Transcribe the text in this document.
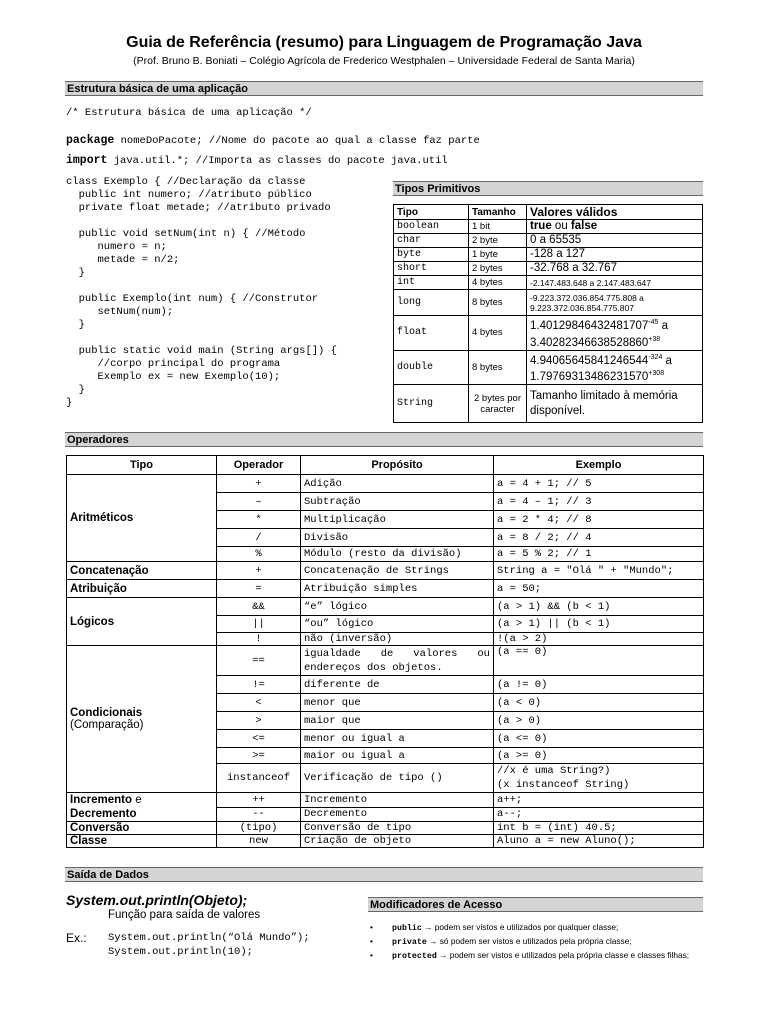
Guia de Referência (resumo) para Linguagem de Programação Java
(Prof. Bruno B. Boniati – Colégio Agrícola de Frederico Westphalen – Universidade Federal de Santa Maria)
Estrutura básica de uma aplicação
/* Estrutura básica de uma aplicação */
package nomeDoPacote; //Nome do pacote ao qual a classe faz parte
import java.util.*; //Importa as classes do pacote java.util
class Exemplo { //Declaração da classe
public int numero; //atributo público
private float metade; //atributo privado

public void setNum(int n) { //Método
numero = n;
metade = n/2;
}

public Exemplo(int num) { //Construtor
setNum(num);
}

public static void main (String args[]) {
//corpo principal do programa
Exemplo ex = new Exemplo(10);
}
}
Tipos Primitivos
Tipo	Tamanho	Valores válidos
boolean	1 bit	true ou false
char	2 byte	0 a 65535
byte	1 byte	-128 a 127
short	2 bytes	-32.768 a 32.767
int	4 bytes	-2.147.483.648 a 2.147.483.647
long	8 bytes	-9.223.372.036.854.775.808 a
9.223.372.036.854.775.807

float	4 bytes	$1.40129846432481707^{-45}$ a
$3.40282346638528860^{+38}$

double	8 bytes	$4.94065645841246544^{-324}$ a
$1.79769313486231570^{+308}$

String	2 bytes por caracter	Tamanho limitado à memória disponível.
Operadores
Tipo	Operador	Propósito	Exemplo
Aritméticos	+	Adição	a = 4 + 1; // 5
	–	Subtração	a = 4 – 1; // 3
	*	Multiplicação	a = 2 * 4; // 8
	/	Divisão	a = 8 / 2; // 4
	%	Módulo (resto da divisão)	a = 5 % 2; // 1
Concatenação	+	Concatenação de Strings	String a = "Olá " + "Mundo";
Atribuição	=	Atribuição simples	a = 50;
Lógicos	&&	“e” lógico	(a > 1) && (b < 1)
	||	“ou” lógico	(a > 1) || (b < 1)
	!	não (inversão)	!(a > 2)

Condicionais
(Comparação)	==	igualdade de valores ou endereços dos objetos.	(a == 0)
	!=	diferente de	(a != 0)
	<	menor que	(a < 0)
	>	maior que	(a > 0)
	<=	menor ou igual a	(a <= 0)
	>=	maior ou igual a	(a >= 0)
	instanceof	Verificação de tipo ()	//x é uma String?)
(x instanceof String)

Incremento e
Decremento	++	Incremento	a++;
	--	Decremento	a--;
Conversão	(tipo)	Conversão de tipo	int b = (int) 40.5;
Classe	new	Criação de objeto	Aluno a = new Aluno();
Saída de Dados
System.out.println(Objeto);
Função para saída de valores
Ex.: System.out.println(“Olá Mundo”);
System.out.println(10);
Modificadores de Acesso
• public → podem ser vistos e utilizados por qualquer classe;
• private → só podem ser vistos e utilizados pela própria classe;
• protected → podem ser vistos e utilizados pela própria classe e classes filhas;
